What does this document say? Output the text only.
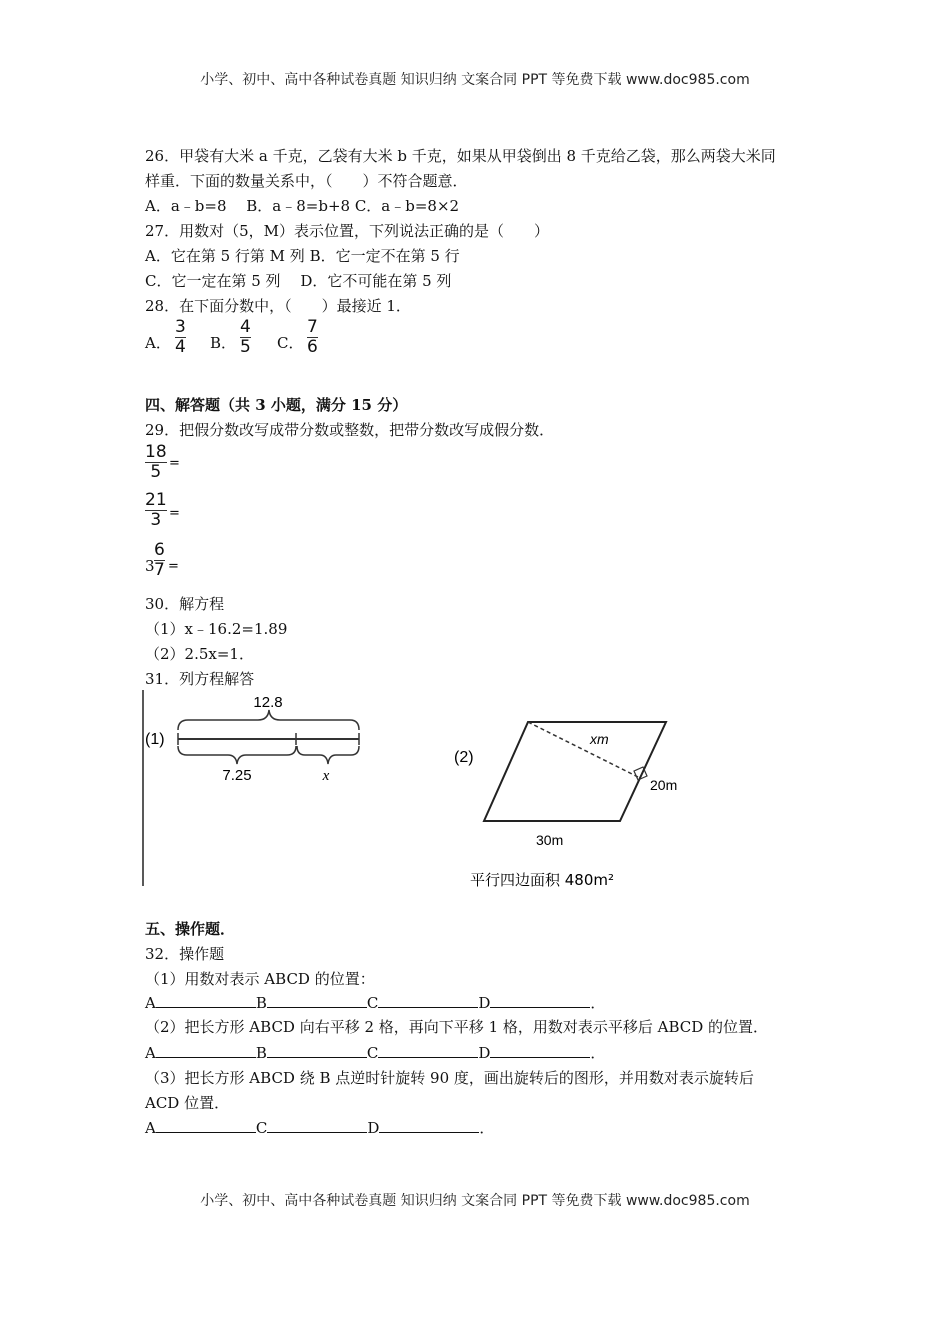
小学、初中、高中各种试卷真题 知识归纳 文案合同 PPT 等免费下载 www.doc985.com
26．甲袋有大米 a 千克，乙袋有大米 b 千克，如果从甲袋倒出 8 千克给乙袋，那么两袋大米同
样重．下面的数量关系中，（　　）不符合题意．
A．a﹣b=8　 B．a﹣8=b+8 C．a﹣b=8×2
27．用数对（5，M）表示位置，下列说法正确的是（　　）
A．它在第 5 行第 M 列 B．它一定不在第 5 行
C．它一定在第 5 列　 D．它不可能在第 5 列
28．在下面分数中，（　　）最接近 1．
A．
3
4 B．
4
5 C．
7
6
四、解答题（共 3 小题，满分 15 分）
29．把假分数改写成带分数或整数，把带分数改写成假分数．
18
5 =
21
3 =
3
6
7 =
30．解方程
（1）x﹣16.2=1.89
（2）2.5x=1．
31．列方程解答
(1)
12.8
7.25	x
(2)
xm
20m
30m
平行四边面积 480m²
五、操作题．
32．操作题
（1）用数对表示 ABCD 的位置：
A	B	C	D	．
（2）把长方形 ABCD 向右平移 2 格，再向下平移 1 格，用数对表示平移后 ABCD 的位置．
A	B	C	D	．
（3）把长方形 ABCD 绕 B 点逆时针旋转 90 度，画出旋转后的图形，并用数对表示旋转后
ACD 位置．
A	C	D	．
小学、初中、高中各种试卷真题 知识归纳 文案合同 PPT 等免费下载 www.doc985.com
